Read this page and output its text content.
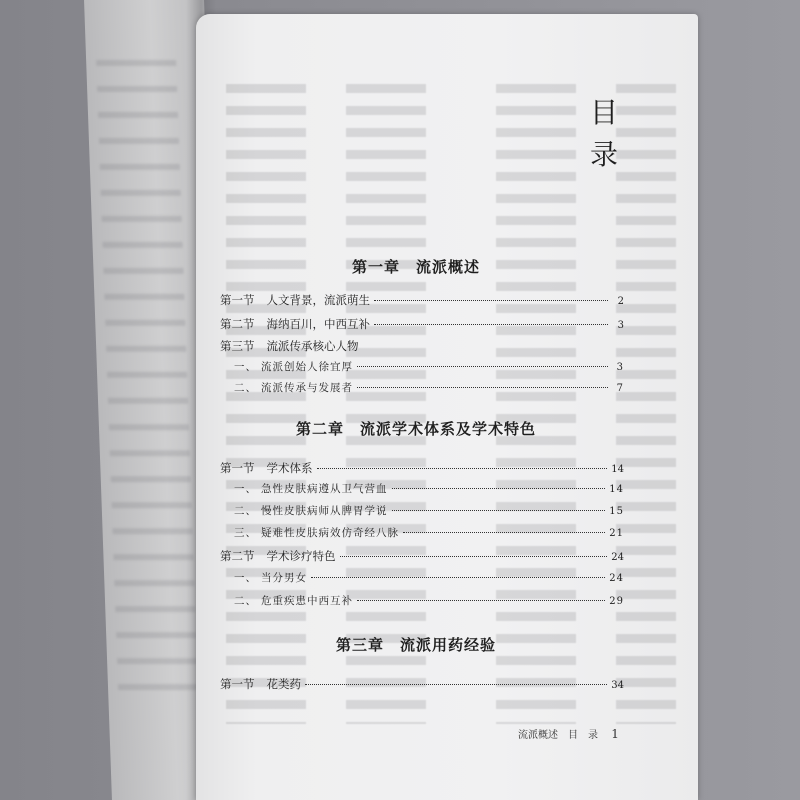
目 录
第一章　流派概述
第一节 人文背景，流派萌生	2
第二节 海纳百川，中西互补	3
第三节 流派传承核心人物
一、 流派创始人徐宜厚	3
二、 流派传承与发展者	7
第二章　流派学术体系及学术特色
第一节 学术体系	14
一、 急性皮肤病遵从卫气营血	14
二、 慢性皮肤病师从脾胃学说	15
三、 疑难性皮肤病效仿奇经八脉	21
第二节 学术诊疗特色	24
一、 当分男女	24
二、 危重疾患中西互补	29
第三章　流派用药经验
第一节 花类药	34
流派概述　目　录 1
